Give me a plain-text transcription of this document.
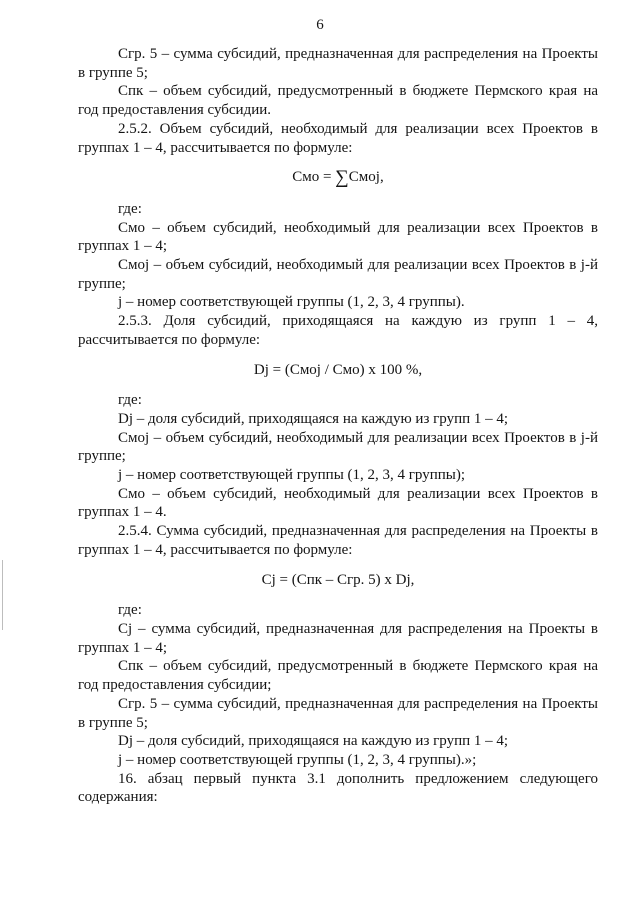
6

Сгр. 5 – сумма субсидий, предназначенная для распределения на Проекты в группе 5;

Спк – объем субсидий, предусмотренный в бюджете Пермского края на год предоставления субсидии.

2.5.2. Объем субсидий, необходимый для реализации всех Проектов в группах 1 – 4, рассчитывается по формуле:

Смо = ∑Cмoj,

где:

Смо – объем субсидий, необходимый для реализации всех Проектов в группах 1 – 4;

Смоj – объем субсидий, необходимый для реализации всех Проектов в j-й группе;

j – номер соответствующей группы (1, 2, 3, 4 группы).

2.5.3. Доля субсидий, приходящаяся на каждую из групп 1 – 4, рассчитывается по формуле:

Dj = (Смоj / Смо) x 100 %,

где:

Dj – доля субсидий, приходящаяся на каждую из групп 1 – 4;

Смоj – объем субсидий, необходимый для реализации всех Проектов в j-й группе;

j – номер соответствующей группы (1, 2, 3, 4 группы);

Смо – объем субсидий, необходимый для реализации всех Проектов в группах 1 – 4.

2.5.4. Сумма субсидий, предназначенная для распределения на Проекты в группах 1 – 4, рассчитывается по формуле:

Cj = (Спк – Сгр. 5) x Dj,

где:

Cj – сумма субсидий, предназначенная для распределения на Проекты в группах 1 – 4;

Спк – объем субсидий, предусмотренный в бюджете Пермского края на год предоставления субсидии;

Сгр. 5 – сумма субсидий, предназначенная для распределения на Проекты в группе 5;

Dj – доля субсидий, приходящаяся на каждую из групп 1 – 4;

j – номер соответствующей группы (1, 2, 3, 4 группы).»;

16. абзац первый пункта 3.1 дополнить предложением следующего содержания:
